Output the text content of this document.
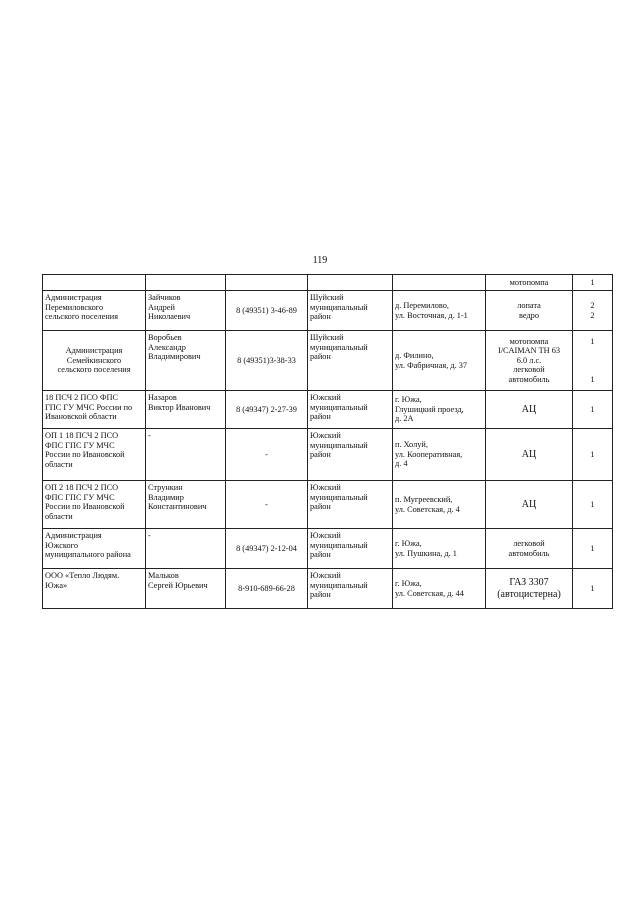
119

					мотопомпа	1

Администрация
Перемиловского
сельского поселения	Зайчиков
Андрей
Николаевич	8 (49351) 3-46-89	Шуйский
муниципальный
район	д. Перемилово,
ул. Восточная, д. 1-1	лопата
ведро	2
2

Администрация
Семейкинского
сельского поселения	Воробьев
Александр
Владимирович	8 (49351)3-38-33	Шуйский
муниципальный
район	д. Филино,
ул. Фабричная, д. 37	мотопомпа
I/CAIMAN TH 63
6.0 л.с.
легковой
автомобиль	1

1

18 ПСЧ 2 ПСО ФПС
ГПС ГУ МЧС России по
Ивановской области	Назаров
Виктор Иванович	8 (49347) 2-27-39	Южский
муниципальный
район	г. Южа,
Глушицкий проезд,
д. 2А	АЦ	1

ОП 1 18 ПСЧ 2 ПСО
ФПС ГПС ГУ МЧС
России по Ивановской
области	-	-	Южский
муниципальный
район	п. Холуй,
ул. Кооперативная,
д. 4	АЦ	1

ОП 2 18 ПСЧ 2 ПСО
ФПС ГПС ГУ МЧС
России по Ивановской
области	Стрункин
Владимир
Константинович	-	Южский
муниципальный
район	п. Мугреевский,
ул. Советская, д. 4	АЦ	1

Администрация
Южского
муниципального района	-	8 (49347) 2-12-04	Южский
муниципальный
район	г. Южа,
ул. Пушкина, д. 1	легковой
автомобиль	1

ООО «Тепло Людям.
Южа»	Мальков
Сергей Юрьевич	8-910-689-66-28	Южский
муниципальный
район	г. Южа,
ул. Советская, д. 44	ГАЗ 3307
(автоцистерна)	1
